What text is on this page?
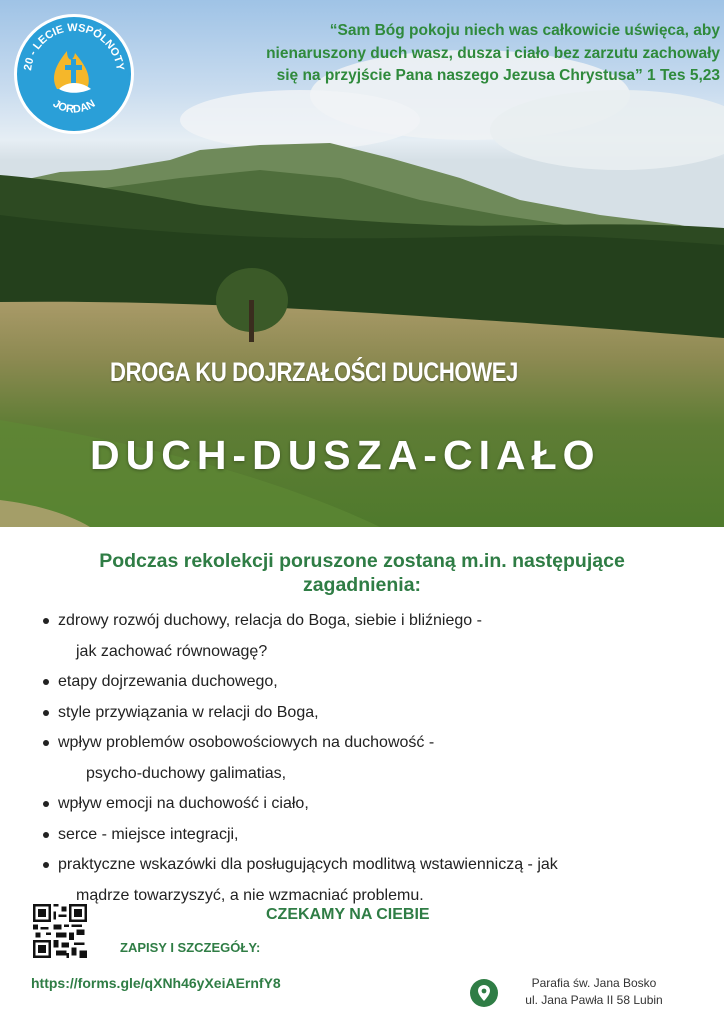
20 - LECIE WSPÓLNOTY
JORDAN
“Sam Bóg pokoju niech was całkowicie uświęca, aby
nienaruszony duch wasz, dusza i ciało bez zarzutu zachowały
się na przyjście Pana naszego Jezusa Chrystusa” 1 Tes 5,23
DROGA KU DOJRZAŁOŚCI DUCHOWEJ
DUCH-DUSZA-CIAŁO
Podczas rekolekcji poruszone zostaną m.in. następujące
zagadnienia:
zdrowy rozwój duchowy, relacja do Boga, siebie i bliźniego -
jak zachować równowagę?
etapy dojrzewania duchowego,
style przywiązania w relacji do Boga,
wpływ problemów osobowościowych na duchowość -
psycho-duchowy galimatias,
wpływ emocji na duchowość i ciało,
serce - miejsce integracji,
praktyczne wskazówki dla posługujących modlitwą wstawienniczą - jak
mądrze towarzyszyć, a nie wzmacniać problemu.
CZEKAMY NA CIEBIE
ZAPISY I SZCZEGÓŁY:
https://forms.gle/qXNh46yXeiAErnfY8	Parafia św. Jana Bosko
ul. Jana Pawła II 58 Lubin
